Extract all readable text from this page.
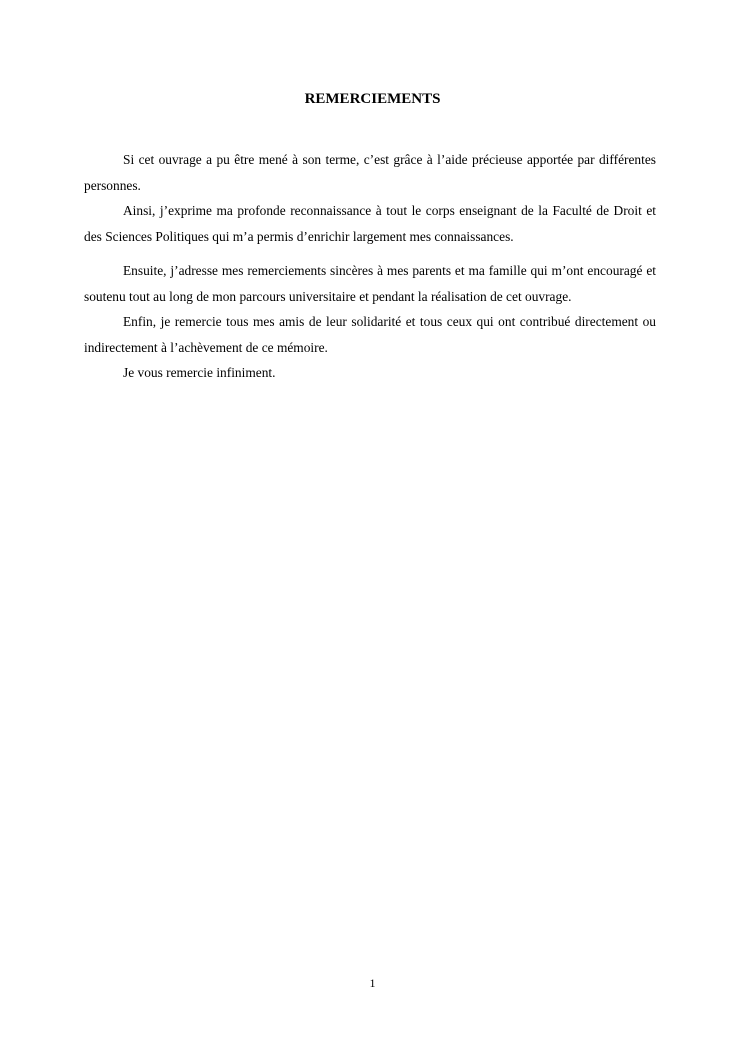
REMERCIEMENTS

Si cet ouvrage a pu être mené à son terme, c’est grâce à l’aide précieuse apportée par différentes personnes.

Ainsi, j’exprime ma profonde reconnaissance à tout le corps enseignant de la Faculté de Droit et des Sciences Politiques qui m’a permis d’enrichir largement mes connaissances.

Ensuite, j’adresse mes remerciements sincères à mes parents et ma famille qui m’ont encouragé et soutenu tout au long de mon parcours universitaire et pendant la réalisation de cet ouvrage.

Enfin, je remercie tous mes amis de leur solidarité et tous ceux qui ont contribué directement ou indirectement à l’achèvement de ce mémoire.

Je vous remercie infiniment.

1
